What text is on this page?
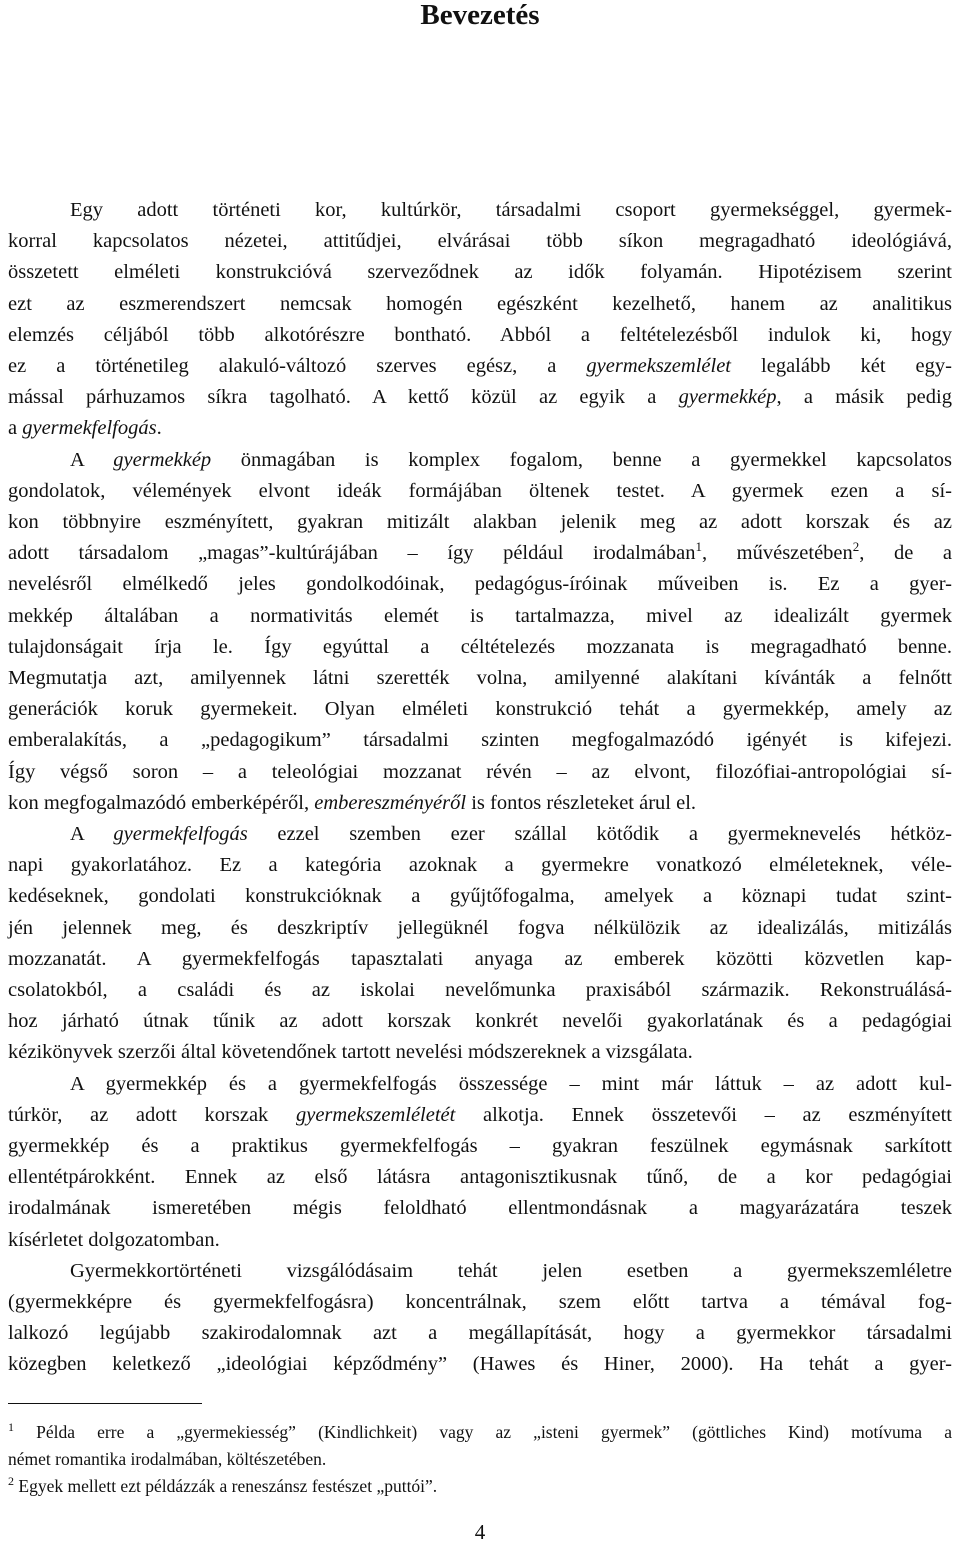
Bevezetés
Egy adott történeti kor, kultúrkör, társadalmi csoport gyermekséggel, gyermek-
korral kapcsolatos nézetei, attitűdjei, elvárásai több síkon megragadható ideológiává,
összetett elméleti konstrukcióvá szerveződnek az idők folyamán. Hipotézisem szerint
ezt az eszmerendszert nemcsak homogén egészként kezelhető, hanem az analitikus
elemzés céljából több alkotórészre bontható. Abból a feltételezésből indulok ki, hogy
ez a történetileg alakuló-változó szerves egész, a gyermekszemlélet legalább két egy-
mással párhuzamos síkra tagolható. A kettő közül az egyik a gyermekkép, a másik pedig
a gyermekfelfogás.
A gyermekkép önmagában is komplex fogalom, benne a gyermekkel kapcsolatos
gondolatok, vélemények elvont ideák formájában öltenek testet. A gyermek ezen a sí-
kon többnyire eszményített, gyakran mitizált alakban jelenik meg az adott korszak és az
adott társadalom „magas”-kultúrájában – így például irodalmában$^1$, művészetében$^2$, de a
nevelésről elmélkedő jeles gondolkodóinak, pedagógus-íróinak műveiben is. Ez a gyer-
mekkép általában a normativitás elemét is tartalmazza, mivel az idealizált gyermek
tulajdonságait írja le. Így egyúttal a céltételezés mozzanata is megragadható benne.
Megmutatja azt, amilyennek látni szerették volna, amilyenné alakítani kívánták a felnőtt
generációk koruk gyermekeit. Olyan elméleti konstrukció tehát a gyermekkép, amely az
emberalakítás, a „pedagogikum” társadalmi szinten megfogalmazódó igényét is kifejezi.
Így végső soron – a teleológiai mozzanat révén – az elvont, filozófiai-antropológiai sí-
kon megfogalmazódó emberképéről, embereszményéről is fontos részleteket árul el.
A gyermekfelfogás ezzel szemben ezer szállal kötődik a gyermeknevelés hétköz-
napi gyakorlatához. Ez a kategória azoknak a gyermekre vonatkozó elméleteknek, véle-
kedéseknek, gondolati konstrukcióknak a gyűjtőfogalma, amelyek a köznapi tudat szint-
jén jelennek meg, és deszkriptív jellegüknél fogva nélkülözik az idealizálás, mitizálás
mozzanatát. A gyermekfelfogás tapasztalati anyaga az emberek közötti közvetlen kap-
csolatokból, a családi és az iskolai nevelőmunka praxisából származik. Rekonstruálásá-
hoz járható útnak tűnik az adott korszak konkrét nevelői gyakorlatának és a pedagógiai
kézikönyvek szerzői által követendőnek tartott nevelési módszereknek a vizsgálata.
A gyermekkép és a gyermekfelfogás összessége – mint már láttuk – az adott kul-
túrkör, az adott korszak gyermekszemléletét alkotja. Ennek összetevői – az eszményített
gyermekkép és a praktikus gyermekfelfogás – gyakran feszülnek egymásnak sarkított
ellentétpárokként. Ennek az első látásra antagonisztikusnak tűnő, de a kor pedagógiai
irodalmának ismeretében mégis feloldható ellentmondásnak a magyarázatára teszek
kísérletet dolgozatomban.
Gyermekkortörténeti vizsgálódásaim tehát jelen esetben a gyermekszemléletre
(gyermekképre és gyermekfelfogásra) koncentrálnak, szem előtt tartva a témával fog-
lalkozó legújabb szakirodalomnak azt a megállapítását, hogy a gyermekkor társadalmi
közegben keletkező „ideológiai képződmény” (Hawes és Hiner, 2000). Ha tehát a gyer-
$^1$ Példa erre a „gyermekiesség” (Kindlichkeit) vagy az „isteni gyermek” (göttliches Kind) motívuma a
német romantika irodalmában, költészetében.
$^2$ Egyek mellett ezt példázzák a reneszánsz festészet „puttói”.
4
